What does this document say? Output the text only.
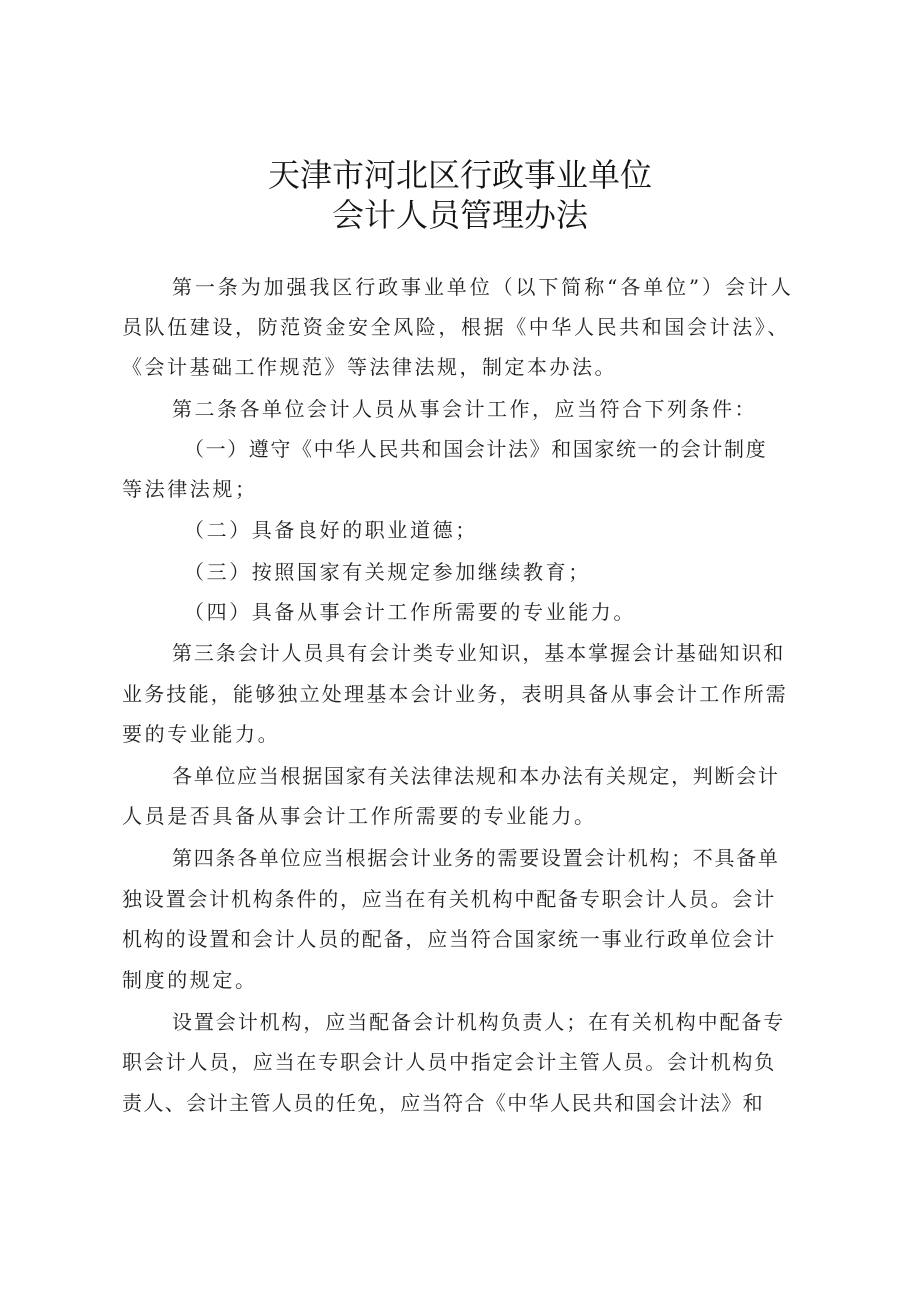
天津市河北区行政事业单位
会计人员管理办法
第一条为加强我区行政事业单位（以下简称“各单位”）会计人
员队伍建设，防范资金安全风险，根据《中华人民共和国会计法》、
《会计基础工作规范》等法律法规，制定本办法。
第二条各单位会计人员从事会计工作，应当符合下列条件：
（一）遵守《中华人民共和国会计法》和国家统一的会计制度
等法律法规；
（二）具备良好的职业道德；
（三）按照国家有关规定参加继续教育；
（四）具备从事会计工作所需要的专业能力。
第三条会计人员具有会计类专业知识，基本掌握会计基础知识和
业务技能，能够独立处理基本会计业务，表明具备从事会计工作所需
要的专业能力。
各单位应当根据国家有关法律法规和本办法有关规定，判断会计
人员是否具备从事会计工作所需要的专业能力。
第四条各单位应当根据会计业务的需要设置会计机构；不具备单
独设置会计机构条件的，应当在有关机构中配备专职会计人员。会计
机构的设置和会计人员的配备，应当符合国家统一事业行政单位会计
制度的规定。
设置会计机构，应当配备会计机构负责人；在有关机构中配备专
职会计人员，应当在专职会计人员中指定会计主管人员。会计机构负
责人、会计主管人员的任免，应当符合《中华人民共和国会计法》和
